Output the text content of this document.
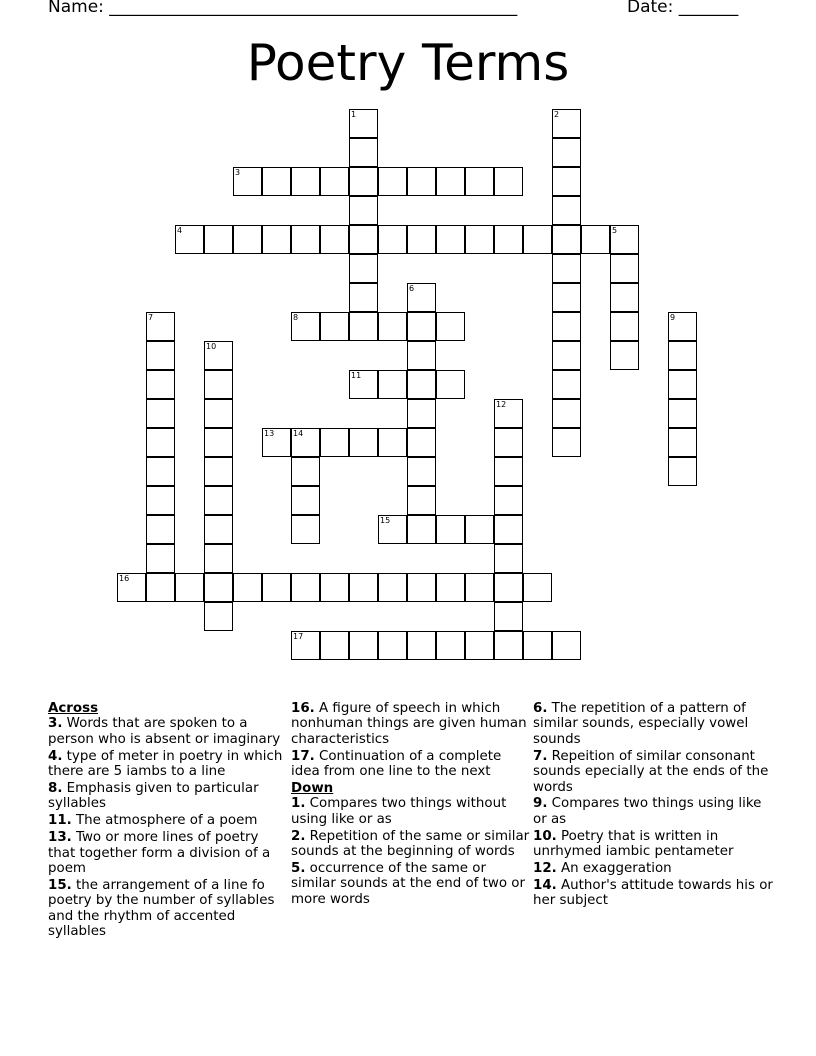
Name: ________________________________________________	Date: _______
Poetry Terms
1	2
3
4	5
6
7	8	9
10
11
12
13 14
15
16
17
Across
3. Words that are spoken to a person who is absent or imaginary
4. type of meter in poetry in which there are 5 iambs to a line
8. Emphasis given to particular syllables
11. The atmosphere of a poem
13. Two or more lines of poetry that together form a division of a poem
15. the arrangement of a line fo poetry by the number of syllables and the rhythm of accented syllables
16. A figure of speech in which nonhuman things are given human characteristics
17. Continuation of a complete idea from one line to the next
Down
1. Compares two things without using like or as
2. Repetition of the same or similar sounds at the beginning of words
5. occurrence of the same or similar sounds at the end of two or more words
6. The repetition of a pattern of similar sounds, especially vowel sounds
7. Repeition of similar consonant sounds epecially at the ends of the words
9. Compares two things using like or as
10. Poetry that is written in unrhymed iambic pentameter
12. An exaggeration
14. Author's attitude towards his or her subject
